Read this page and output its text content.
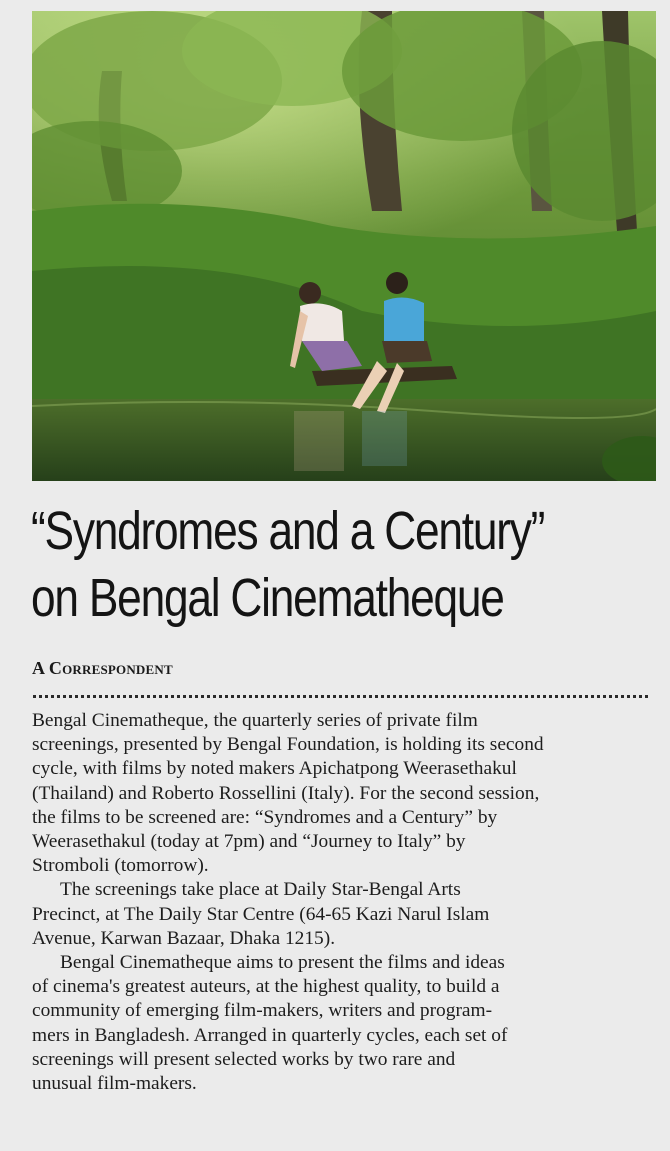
“Syndromes and a Century”
on Bengal Cinematheque
A Correspondent

Bengal Cinematheque, the quarterly series of private film
screenings, presented by Bengal Foundation, is holding its second
cycle, with films by noted makers Apichatpong Weerasethakul
(Thailand) and Roberto Rossellini (Italy). For the second session,
the films to be screened are: “Syndromes and a Century” by
Weerasethakul (today at 7pm) and “Journey to Italy” by
Stromboli (tomorrow).

The screenings take place at Daily Star-Bengal Arts
Precinct, at The Daily Star Centre (64-65 Kazi Narul Islam
Avenue, Karwan Bazaar, Dhaka 1215).

Bengal Cinematheque aims to present the films and ideas
of cinema's greatest auteurs, at the highest quality, to build a
community of emerging film-makers, writers and program-
mers in Bangladesh. Arranged in quarterly cycles, each set of
screenings will present selected works by two rare and
unusual film-makers.
